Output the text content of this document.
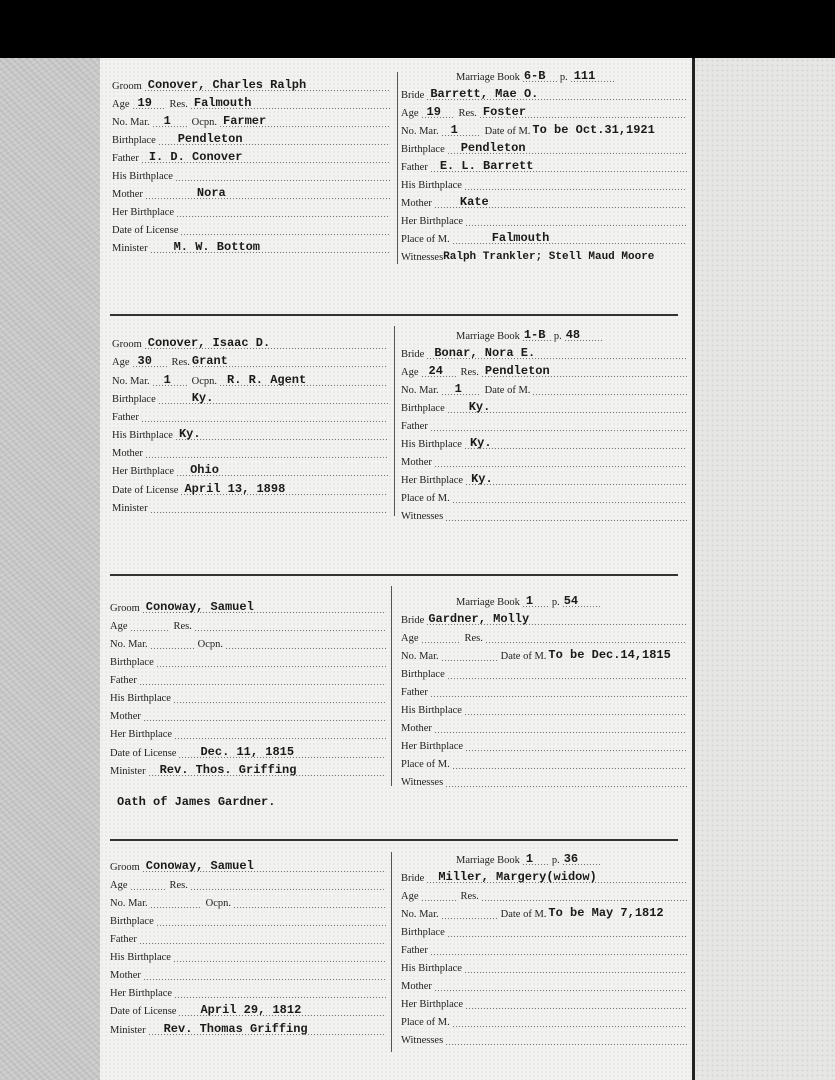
Groom Conover, Charles Ralph
Age 19 Res. Falmouth
No. Mar. 1 Ocpn. Farmer
Birthplace Pendleton
Father I. D. Conover
His Birthplace
Mother	Nora
Her Birthplace
Date of License
Minister M. W. Bottom
Marriage Book 6-B p. 111
Bride Barrett, Mae O.
Age 19 Res. Foster
No. Mar. 1	Date of M. To be Oct.31,1921
Birthplace Pendleton
Father E. L. Barrett
His Birthplace
Mother Kate
Her Birthplace
Place of M.	Falmouth
Witnesses Ralph Trankler; Stell Maud Moore
Groom Conover, Isaac D.
Age 30 Res. Grant
No. Mar. 1 Ocpn. R. R. Agent
Birthplace	Ky.
Father
His Birthplace Ky.
Mother
Her Birthplace Ohio
Date of License April 13, 1898
Minister
Marriage Book 1-B p. 48
Bride Bonar, Nora E.
Age 24 Res. Pendleton
No. Mar. 1 Date of M.
Birthplace Ky.
Father
His Birthplace Ky.
Mother
Her Birthplace Ky.
Place of M.
Witnesses
Groom Conoway, Samuel
Age	Res.
No. Mar.	Ocpn.
Birthplace
Father
His Birthplace
Mother
Her Birthplace
Date of License Dec. 11, 1815
Minister Rev. Thos. Griffing
Oath of James Gardner.
Marriage Book 1 p. 54
Bride Gardner, Molly
Age	Res.
No. Mar.	Date of M. To be Dec.14,1815
Birthplace
Father
His Birthplace
Mother
Her Birthplace
Place of M.
Witnesses
Groom Conoway, Samuel
Age	Res.
No. Mar.	Ocpn.
Birthplace
Father
His Birthplace
Mother
Her Birthplace
Date of License April 29, 1812
Minister Rev. Thomas Griffing
Marriage Book 1 p. 36
Bride Miller, Margery(widow)
Age	Res.
No. Mar.	Date of M. To be May 7,1812
Birthplace
Father
His Birthplace
Mother
Her Birthplace
Place of M.
Witnesses
